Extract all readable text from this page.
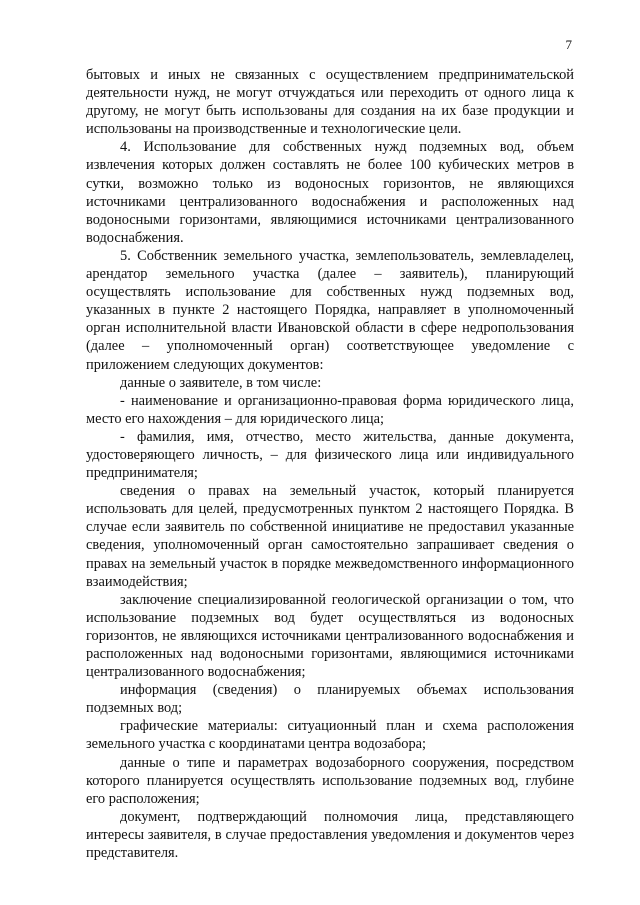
7

бытовых и иных не связанных с осуществлением предпринимательской деятельности нужд, не могут отчуждаться или переходить от одного лица к другому, не могут быть использованы для создания на их базе продукции и использованы на производственные и технологические цели.

4. Использование для собственных нужд подземных вод, объем извлечения которых должен составлять не более 100 кубических метров в сутки, возможно только из водоносных горизонтов, не являющихся источниками централизованного водоснабжения и расположенных над водоносными горизонтами, являющимися источниками централизованного водоснабжения.

5. Собственник земельного участка, землепользователь, землевладелец, арендатор земельного участка (далее – заявитель), планирующий осуществлять использование для собственных нужд подземных вод, указанных в пункте 2 настоящего Порядка, направляет в уполномоченный орган исполнительной власти Ивановской области в сфере недропользования (далее – уполномоченный орган) соответствующее уведомление с приложением следующих документов:

данные о заявителе, в том числе:

- наименование и организационно-правовая форма юридического лица, место его нахождения – для юридического лица;

- фамилия, имя, отчество, место жительства, данные документа, удостоверяющего личность, – для физического лица или индивидуального предпринимателя;

сведения о правах на земельный участок, который планируется использовать для целей, предусмотренных пунктом 2 настоящего Порядка. В случае если заявитель по собственной инициативе не предоставил указанные сведения, уполномоченный орган самостоятельно запрашивает сведения о правах на земельный участок в порядке межведомственного информационного взаимодействия;

заключение специализированной геологической организации о том, что использование подземных вод будет осуществляться из водоносных горизонтов, не являющихся источниками централизованного водоснабжения и расположенных над водоносными горизонтами, являющимися источниками централизованного водоснабжения;

информация (сведения) о планируемых объемах использования подземных вод;

графические материалы: ситуационный план и схема расположения земельного участка с координатами центра водозабора;

данные о типе и параметрах водозаборного сооружения, посредством которого планируется осуществлять использование подземных вод, глубине его расположения;

документ, подтверждающий полномочия лица, представляющего интересы заявителя, в случае предоставления уведомления и документов через представителя.
